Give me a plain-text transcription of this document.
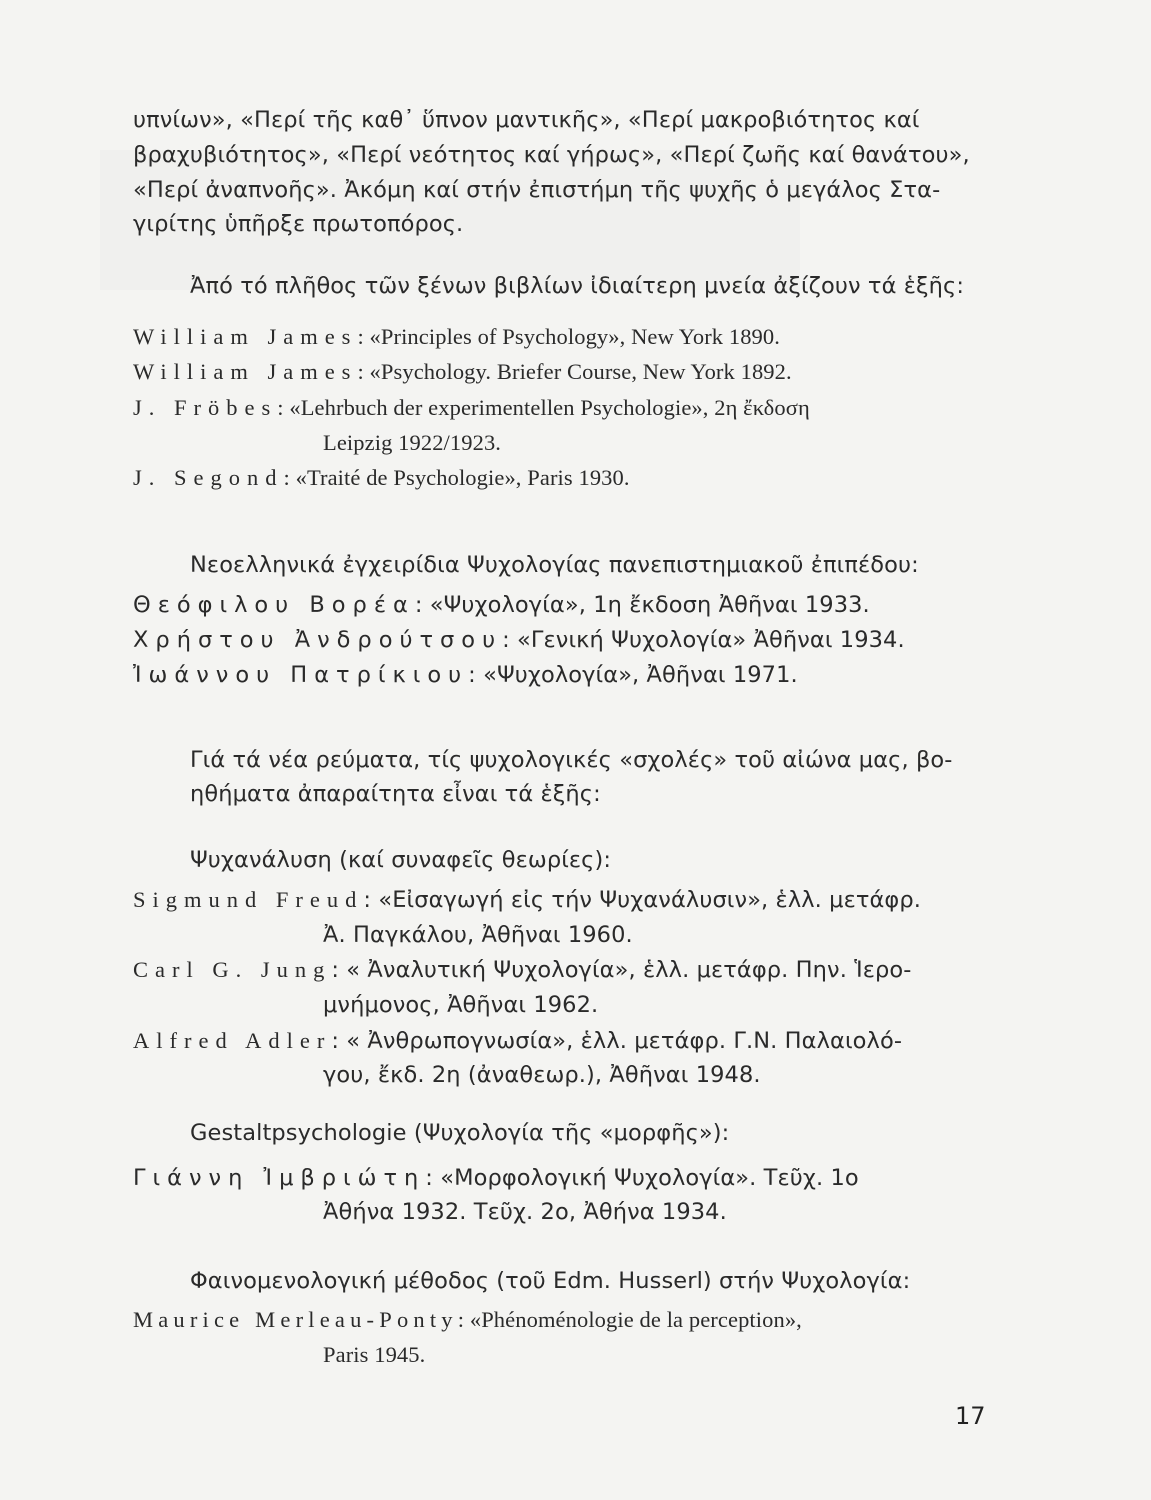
υπνίων», «Περί τῆς καθ᾽ ὕπνον μαντικῆς», «Περί μακροβιότητος καί
βραχυβιότητος», «Περί νεότητος καί γήρως», «Περί ζωῆς καί θανάτου»,
«Περί ἀναπνοῆς». Ἀκόμη καί στήν ἐπιστήμη τῆς ψυχῆς ὁ μεγάλος Στα-
γιρίτης ὑπῆρξε πρωτοπόρος.
Ἀπό τό πλῆθος τῶν ξένων βιβλίων ἰδιαίτερη μνεία ἀξίζουν τά ἑξῆς:
William James: «Principles of Psychology», New York 1890.
William James: «Psychology. Briefer Course, New York 1892.
J. Fröbes: «Lehrbuch der experimentellen Psychologie», 2η ἔκδοση
Leipzig 1922/1923.
J. Segond: «Traité de Psychologie», Paris 1930.
Νεοελληνικά ἐγχειρίδια Ψυχολογίας πανεπιστημιακοῦ ἐπιπέδου:
Θεόφιλου Βορέα: «Ψυχολογία», 1η ἔκδοση Ἀθῆναι 1933.
Χρήστου Ἀνδρούτσου: «Γενική Ψυχολογία» Ἀθῆναι 1934.
Ἰωάννου Πατρίκιου: «Ψυχολογία», Ἀθῆναι 1971.
Γιά τά νέα ρεύματα, τίς ψυχολογικές «σχολές» τοῦ αἰώνα μας, βο-
ηθήματα ἀπαραίτητα εἶναι τά ἑξῆς:
Ψυχανάλυση (καί συναφεῖς θεωρίες):
Sigmund Freud: «Εἰσαγωγή εἰς τήν Ψυχανάλυσιν», ἑλλ. μετάφρ.
Ἀ. Παγκάλου, Ἀθῆναι 1960.
Carl G. Jung: « Ἀναλυτική Ψυχολογία», ἑλλ. μετάφρ. Πην. Ἱερο-
μνήμονος, Ἀθῆναι 1962.
Alfred Adler: « Ἀνθρωπογνωσία», ἑλλ. μετάφρ. Γ.Ν. Παλαιολό-
γου, ἔκδ. 2η (ἀναθεωρ.), Ἀθῆναι 1948.
Gestaltpsychologie (Ψυχολογία τῆς «μορφῆς»):
Γιάννη Ἰμβριώτη: «Μορφολογική Ψυχολογία». Τεῦχ. 1ο
Ἀθήνα 1932. Τεῦχ. 2ο, Ἀθήνα 1934.
Φαινομενολογική μέθοδος (τοῦ Edm. Husserl) στήν Ψυχολογία:
Maurice Merleau-Ponty: «Phénoménologie de la perception»,
Paris 1945.
17
